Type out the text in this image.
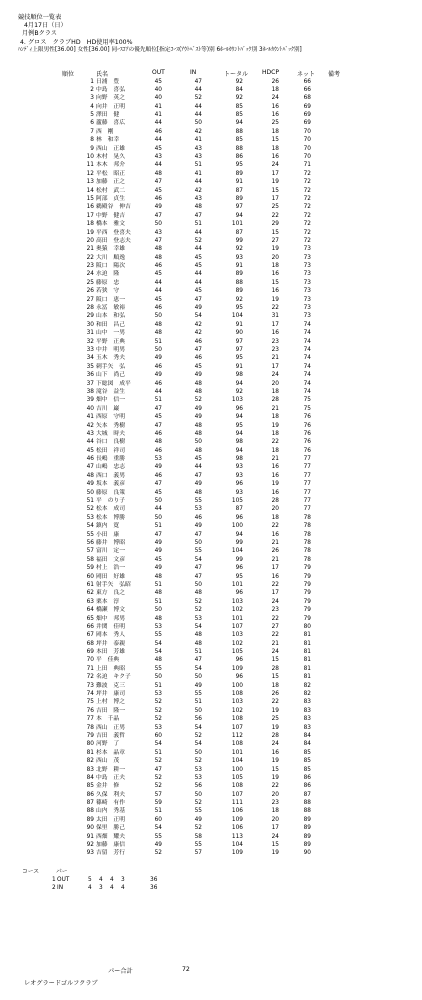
競技順位一覧表
4月17日（日）
月例Bクラス
4. グロス　クラブHD　HD使用率100%
ﾊﾝﾃﾞｨ上限男性[36.00] 女性[36.00] 同ｰｽｺｱの優先順位[指定ｺｰｽ(ｱｳﾄﾍﾞｽﾄ等)別 6ﾎｰﾙｶｳﾝﾄﾊﾞｯｸ別 3ﾎｰﾙｶｳﾝﾄﾊﾞｯｸ別]
順位	氏名	OUT	IN	トータル HDCP	ネット 備考
1 日浦　豊	45	47	92	26	66
2 中島　喜弘	40	44	84	18	66
3 向野　英之	40	52	92	24	68
4 向井　正明	41	44	85	16	69
5 澤田　健	41	44	85	16	69
6 蘆藤　喜広	44	50	94	25	69
7 西　剛	46	42	88	18	70
8 林　和幸	44	41	85	15	70
9 西山　正雄	45	43	88	18	70
10 木村　晃久	43	43	86	16	70
11 本木　邦介	44	51	95	24	71
12 平松　昭正	48	41	89	17	72
13 加藤　正之	47	44	91	19	72
14 松村　武二	45	42	87	15	72
15 阿部　貞生	46	43	89	17	72
16 鵜殿谷　伸吉	49	48	97	25	72
17 中野　健吉	47	47	94	22	72
18 橋本　雅文	50	51	101	29	72
19 平西　登喜夫	43	44	87	15	72
20 高田　登志夫	47	52	99	27	72
21 奥猿　幸雄	48	44	92	19	73
22 大川　順逸	48	45	93	20	73
23 阪口　陽次	46	45	91	18	73
24 水迫　隆	45	44	89	16	73
25 藤原　忠	44	44	88	15	73
26 若狭　守	44	45	89	16	73
27 阪口　恵一	45	47	92	19	73
28 永冨　敏裕	46	49	95	22	73
29 山本　和弘	50	54	104	31	73
30 和田　昌己	48	42	91	17	74
31 山中　一男	48	42	90	16	74
32 平野　正典	51	46	97	23	74
33 中井　明男	50	47	97	23	74
34 玉木　秀夫	49	46	95	21	74
35 刺手矢　弘	46	45	91	17	74
36 山下　尚己	49	49	98	24	74
37 下総図　成平	46	48	94	20	74
38 滝谷　益生	44	48	92	18	74
39 畑中　信一	51	52	103	28	75
40 吉川　巌	47	49	96	21	75
41 西原　守明	45	49	94	18	76
42 矢本　秀樹	47	48	95	19	76
43 大城　時夫	46	48	94	18	76
44 谷口　良樹	48	50	98	22	76
45 松田　祥司	46	48	94	18	76
46 長嶋　重勝	53	45	98	21	77
47 山嶋　忠志	49	44	93	16	77
48 西口　義男	46	47	93	16	77
49 坂本　義彦	47	49	96	19	77
50 藤原　良策	45	48	93	16	77
51 平　のり子	50	55	105	28	77
52 松本　成司	44	53	87	20	77
53 松本　博勝	50	46	96	18	78
54 鎮内　寛	51	49	100	22	78
55 小田　康	47	47	94	16	78
56 藤井　博昭	49	50	99	21	78
57 富川　定一	49	55	104	26	78
58 福田　文彦	45	54	99	21	78
59 村上　浩一	49	47	96	17	79
60 岡田　好雄	48	47	95	16	79
61 射手矢　弘昭	51	50	101	22	79
62 東方　良之	48	48	96	17	79
63 栗本　淳	51	52	103	24	79
64 橋瀬　博文	50	52	102	23	79
65 畑中　邦男	48	53	101	22	79
66 井関　佳明	53	54	107	27	80
67 岡本　秀人	55	48	103	22	81
68 坪井　泰親	54	48	102	21	81
69 本田　芳雄	54	51	105	24	81
70 平　佳典	48	47	96	15	81
71 上田　典昭	55	54	109	28	81
72 名迫　キク子	50	50	96	15	81
73 難波　克三	51	49	100	18	82
74 坪井　康司	53	55	108	26	82
75 上村　博之	52	51	103	22	83
76 吉田　隆一	52	50	102	19	83
77 本　千晶	52	56	108	25	83
78 西山　正男	53	54	107	19	83
79 吉田　義哲	60	52	112	28	84
80 河野　了	54	54	108	24	84
81 杉本　晶章	51	50	101	16	85
82 西山　茂	52	52	104	19	85
83 北野　耕一	47	53	100	15	85
84 中島　正夫	52	53	105	19	86
85 金井　修	52	56	108	22	86
86 久保　利夫	57	50	107	20	87
87 篠崎　有作	59	52	111	23	88
88 山内　秀基	51	55	106	18	88
89 太田　正明	60	49	109	20	89
90 保里　勝己	54	52	106	17	89
91 西畑　耀夫	55	58	113	24	89
92 加藤　康信	49	55	104	15	89
93 吉留　芳行	52	57	109	19	90
コース	パー
1 OUT	5 4 4 3	36
2 IN	4 3 4 4	36
パー合計	72
レオグラードゴルフクラブ
